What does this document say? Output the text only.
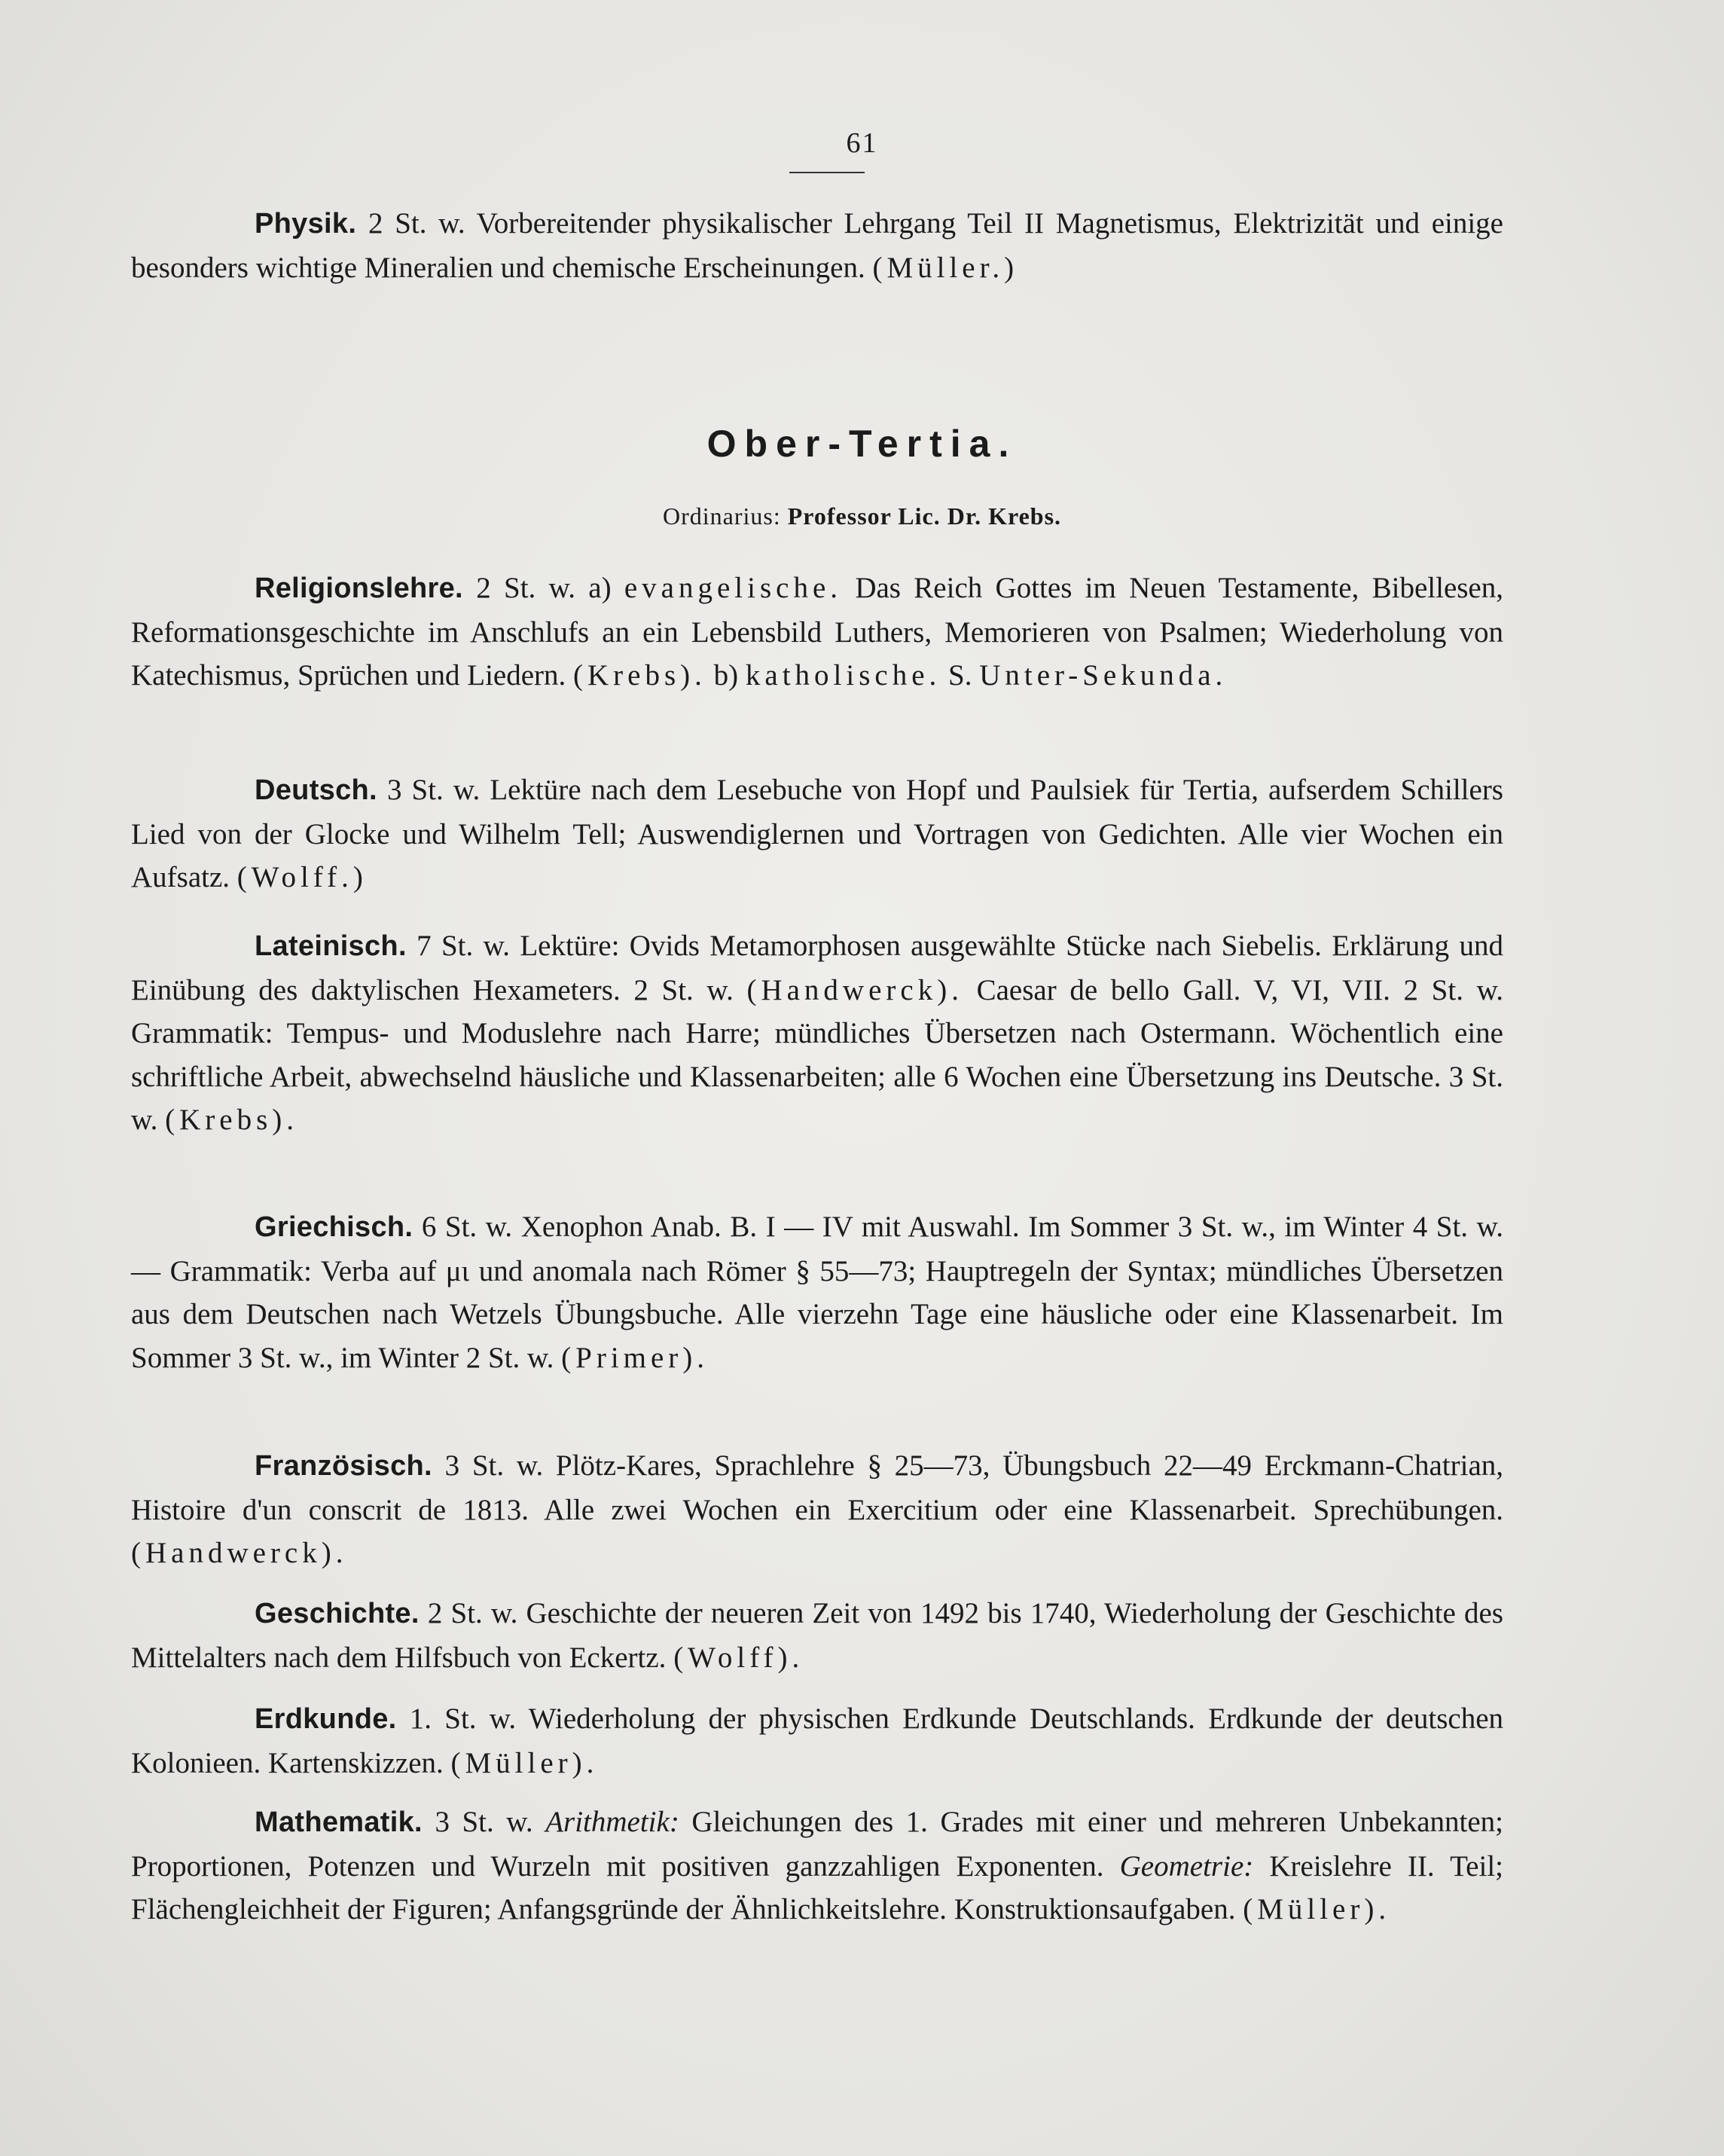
61

Physik. 2 St. w. Vorbereitender physikalischer Lehrgang Teil II Magnetismus, Elektrizität und einige besonders wichtige Mineralien und chemische Erscheinungen. (Müller.)

Ober-Tertia.
Ordinarius: Professor Lic. Dr. Krebs.

Religionslehre. 2 St. w. a) evangelische. Das Reich Gottes im Neuen Testamente, Bibellesen, Reformationsgeschichte im Anschlufs an ein Lebensbild Luthers, Memorieren von Psalmen; Wiederholung von Katechismus, Sprüchen und Liedern. (Krebs). b) katholische. S. Unter-Sekunda.

Deutsch. 3 St. w. Lektüre nach dem Lesebuche von Hopf und Paulsiek für Tertia, aufserdem Schillers Lied von der Glocke und Wilhelm Tell; Auswendiglernen und Vortragen von Gedichten. Alle vier Wochen ein Aufsatz. (Wolff.)

Lateinisch. 7 St. w. Lektüre: Ovids Metamorphosen ausgewählte Stücke nach Siebelis. Erklärung und Einübung des daktylischen Hexameters. 2 St. w. (Handwerck). Caesar de bello Gall. V, VI, VII. 2 St. w. Grammatik: Tempus- und Moduslehre nach Harre; mündliches Übersetzen nach Ostermann. Wöchentlich eine schriftliche Arbeit, abwechselnd häusliche und Klassenarbeiten; alle 6 Wochen eine Übersetzung ins Deutsche. 3 St. w. (Krebs).

Griechisch. 6 St. w. Xenophon Anab. B. I — IV mit Auswahl. Im Sommer 3 St. w., im Winter 4 St. w. — Grammatik: Verba auf μι und anomala nach Römer § 55—73; Hauptregeln der Syntax; mündliches Übersetzen aus dem Deutschen nach Wetzels Übungsbuche. Alle vierzehn Tage eine häusliche oder eine Klassenarbeit. Im Sommer 3 St. w., im Winter 2 St. w. (Primer).

Französisch. 3 St. w. Plötz-Kares, Sprachlehre § 25—73, Übungsbuch 22—49 Erckmann-Chatrian, Histoire d'un conscrit de 1813. Alle zwei Wochen ein Exercitium oder eine Klassenarbeit. Sprechübungen. (Handwerck).

Geschichte. 2 St. w. Geschichte der neueren Zeit von 1492 bis 1740, Wiederholung der Geschichte des Mittelalters nach dem Hilfsbuch von Eckertz. (Wolff).

Erdkunde. 1. St. w. Wiederholung der physischen Erdkunde Deutschlands. Erdkunde der deutschen Kolonieen. Kartenskizzen. (Müller).

Mathematik. 3 St. w. Arithmetik: Gleichungen des 1. Grades mit einer und mehreren Unbekannten; Proportionen, Potenzen und Wurzeln mit positiven ganzzahligen Exponenten. Geometrie: Kreislehre II. Teil; Flächengleichheit der Figuren; Anfangsgründe der Ähnlichkeitslehre. Konstruktionsaufgaben. (Müller).
